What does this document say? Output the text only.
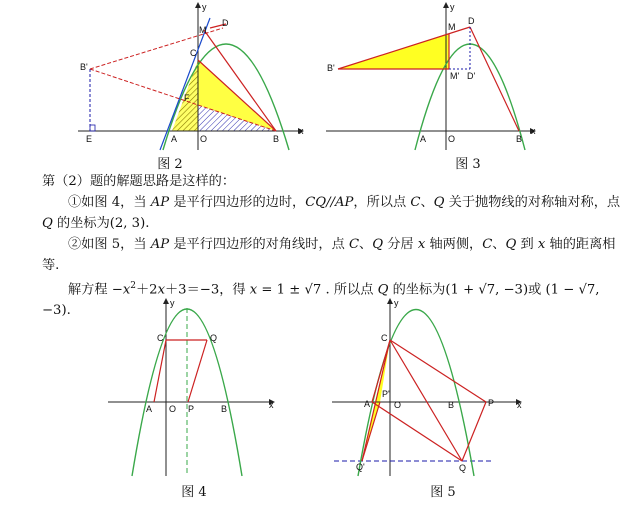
y
x
M
D
C
B'
F
A	O	B
E
图 2
y
x
M
D
B'
M' D'
A O	B
图 3
第（2）题的解题思路是这样的：
①如图 4，当 AP 是平行四边形的边时，CQ//AP，所以点 C、Q 关于抛物线的对称轴对称，点 Q 的坐标为(2, 3).
②如图 5，当 AP 是平行四边形的对角线时，点 C、Q 分居 x 轴两侧，C、Q 到 x 轴的距离相等.
解方程 $-x^2+2x+3=-3$，得 x = 1 ± √7 . 所以点 Q 的坐标为(1 + √7, −3)或 (1 − √7, −3).
y
x
C	Q
A O P	B
图 4
y
x
C
P'
A	O	B	P
Q'	Q
图 5
